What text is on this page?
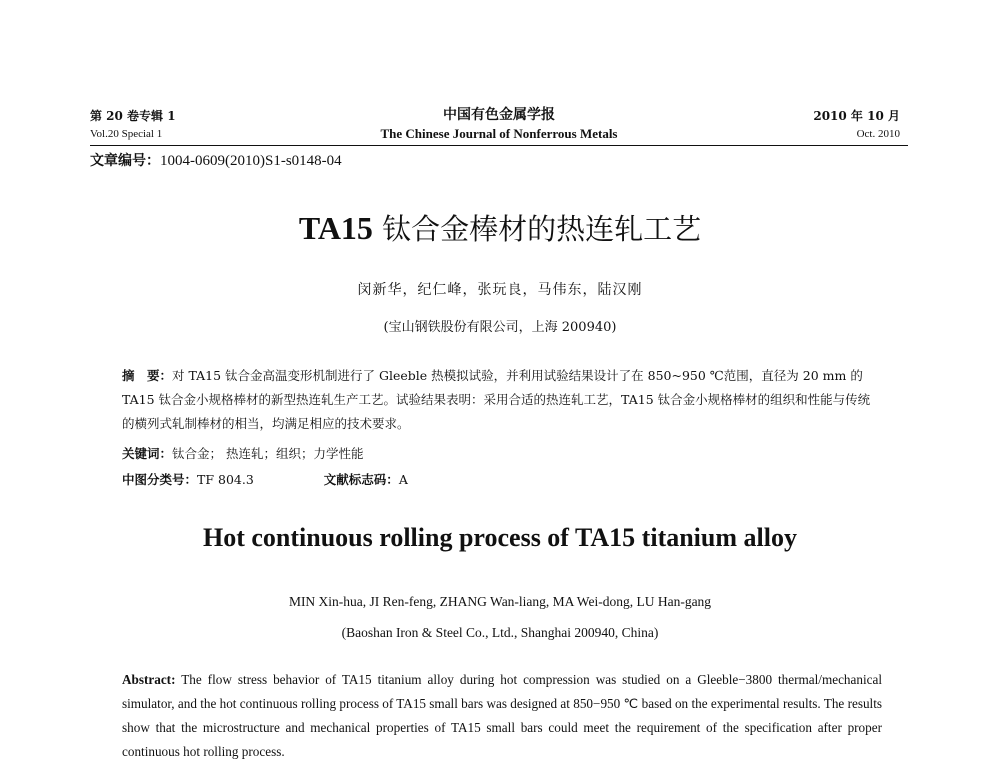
第 20 卷专辑 1
Vol.20 Special 1
中国有色金属学报
The Chinese Journal of Nonferrous Metals
2010 年 10 月
Oct. 2010
文章编号：1004-0609(2010)S1-s0148-04
TA15 钛合金棒材的热连轧工艺
闵新华，纪仁峰，张玩良，马伟东，陆汉刚
(宝山钢铁股份有限公司，上海 200940)
摘　要：对 TA15 钛合金高温变形机制进行了 Gleeble 热模拟试验，并利用试验结果设计了在 850~950 ℃范围，直径为 20 mm 的 TA15 钛合金小规格棒材的新型热连轧生产工艺。试验结果表明：采用合适的热连轧工艺，TA15 钛合金小规格棒材的组织和性能与传统的横列式轧制棒材的相当，均满足相应的技术要求。
关键词：钛合金； 热连轧；组织；力学性能
中图分类号：TF 804.3	文献标志码：A
Hot continuous rolling process of TA15 titanium alloy
MIN Xin-hua, JI Ren-feng, ZHANG Wan-liang, MA Wei-dong, LU Han-gang
(Baoshan Iron & Steel Co., Ltd., Shanghai 200940, China)
Abstract: The flow stress behavior of TA15 titanium alloy during hot compression was studied on a Gleeble−3800 thermal/mechanical simulator, and the hot continuous rolling process of TA15 small bars was designed at 850−950 ℃ based on the experimental results. The results show that the microstructure and mechanical properties of TA15 small bars could meet the requirement of the specification after proper continuous hot rolling process.
